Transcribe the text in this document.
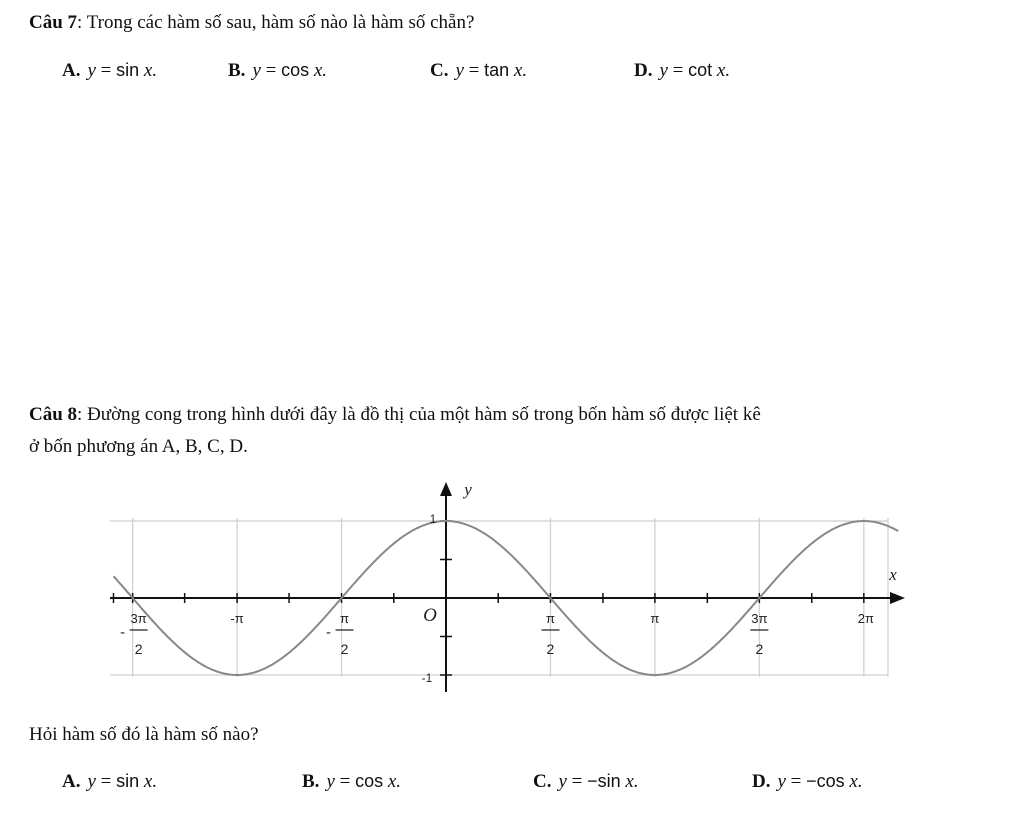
Câu 7: Trong các hàm số sau, hàm số nào là hàm số chẵn?
A. y = sin x.	B. y = cos x.	C. y = tan x.	D. y = cot x.
Câu 8: Đường cong trong hình dưới đây là đồ thị của một hàm số trong bốn hàm số được liệt kê
ở bốn phương án A, B, C, D.
y
x
O
1
-1
3π
2
-
-π	π
2
-
π
2
π	3π
2
2π
Hỏi hàm số đó là hàm số nào?
A. y = sin x.	B. y = cos x.	C. y = −sin x.	D. y = −cos x.
